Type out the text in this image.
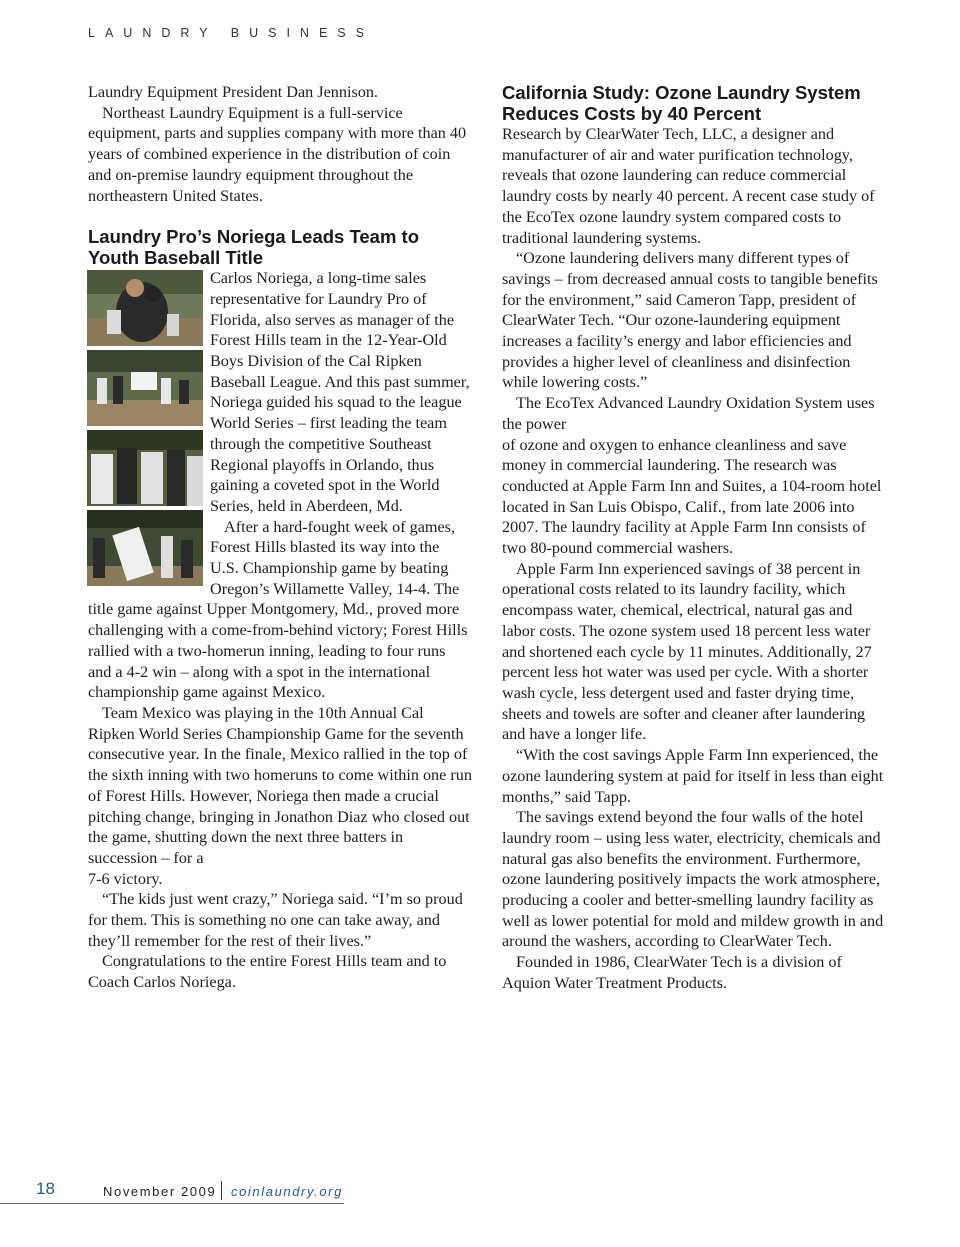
LAUNDRY BUSINESS

Laundry Equipment President Dan Jennison.

Northeast Laundry Equipment is a full-service equipment, parts and supplies company with more than 40 years of combined experience in the distribution of coin and on-premise laundry equipment throughout the northeastern United States.

Laundry Pro’s Noriega Leads Team to Youth Baseball Title

Carlos Noriega, a long-time sales representative for Laundry Pro of Florida, also serves as manager of the Forest Hills team in the 12-Year-Old Boys Division of the Cal Ripken Baseball League. And this past summer, Noriega guided his squad to the league World Series – first leading the team through the competitive Southeast Regional playoffs in Orlando, thus gaining a coveted spot in the World Series, held in Aberdeen, Md.

After a hard-fought week of games, Forest Hills blasted its way into the U.S. Championship game by beating Oregon’s Willamette Valley, 14-4. The title game against Upper Montgomery, Md., proved more challenging with a come-from-behind victory; Forest Hills rallied with a two-homerun inning, leading to four runs and a 4-2 win – along with a spot in the international championship game against Mexico.

Team Mexico was playing in the 10th Annual Cal Ripken World Series Championship Game for the seventh consecutive year. In the finale, Mexico rallied in the top of the sixth inning with two homeruns to come within one run of Forest Hills. However, Noriega then made a crucial pitching change, bringing in Jonathon Diaz who closed out the game, shutting down the next three batters in succession – for a

7-6 victory.

“The kids just went crazy,” Noriega said. “I’m so proud for them. This is something no one can take away, and they’ll remember for the rest of their lives.”

Congratulations to the entire Forest Hills team and to Coach Carlos Noriega.

California Study: Ozone Laundry System Reduces Costs by 40 Percent

Research by ClearWater Tech, LLC, a designer and manufacturer of air and water purification technology, reveals that ozone laundering can reduce commercial laundry costs by nearly 40 percent. A recent case study of the EcoTex ozone laundry system compared costs to traditional laundering systems.

“Ozone laundering delivers many different types of savings – from decreased annual costs to tangible benefits for the environment,” said Cameron Tapp, president of ClearWater Tech. “Our ozone-laundering equipment increases a facility’s energy and labor efficiencies and provides a higher level of cleanliness and disinfection while lowering costs.”

The EcoTex Advanced Laundry Oxidation System uses the power

of ozone and oxygen to enhance cleanliness and save money in commercial laundering. The research was conducted at Apple Farm Inn and Suites, a 104-room hotel located in San Luis Obispo, Calif., from late 2006 into 2007. The laundry facility at Apple Farm Inn consists of two 80-pound commercial washers.

Apple Farm Inn experienced savings of 38 percent in operational costs related to its laundry facility, which encompass water, chemical, electrical, natural gas and labor costs. The ozone system used 18 percent less water and shortened each cycle by 11 minutes. Additionally, 27 percent less hot water was used per cycle. With a shorter wash cycle, less detergent used and faster drying time, sheets and towels are softer and cleaner after laundering and have a longer life.

“With the cost savings Apple Farm Inn experienced, the ozone laundering system at paid for itself in less than eight months,” said Tapp.

The savings extend beyond the four walls of the hotel laundry room – using less water, electricity, chemicals and natural gas also benefits the environment. Furthermore, ozone laundering positively impacts the work atmosphere, producing a cooler and better-smelling laundry facility as well as lower potential for mold and mildew growth in and around the washers, according to ClearWater Tech.

Founded in 1986, ClearWater Tech is a division of Aquion Water Treatment Products.

18	November 2009 coinlaundry.org
